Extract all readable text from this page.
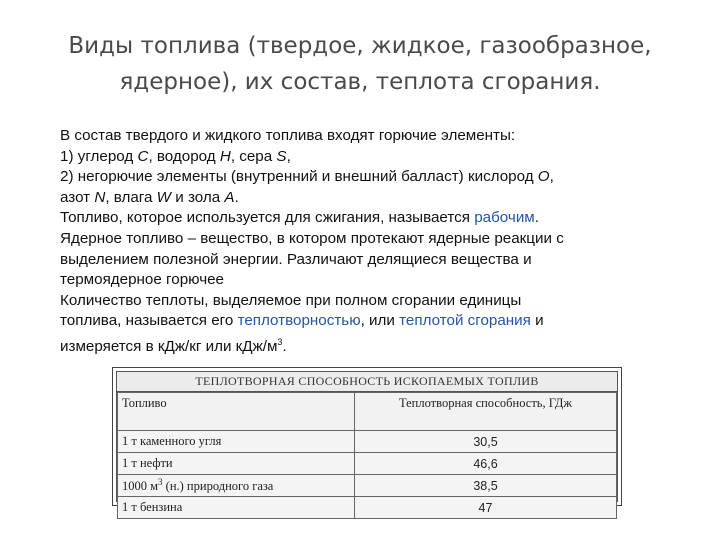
Виды топлива (твердое, жидкое, газообразное,
ядерное), их состав, теплота сгорания.
В состав твердого и жидкого топлива входят горючие элементы:
1) углерод С, водород H, сера S,
2) негорючие элементы (внутренний и внешний балласт) кислород O,
азот N, влага W и зола А.
Топливо, которое используется для сжигания, называется рабочим.
Ядерное топливо – вещество, в котором протекают ядерные реакции с
выделением полезной энергии. Различают делящиеся вещества и
термоядерное горючее
Количество теплоты, выделяемое при полном сгорании единицы
топлива, называется его теплотворностью, или теплотой сгорания и
измеряется в кДж/кг или кДж/$м^3$.
ТЕПЛОТВОРНАЯ СПОСОБНОСТЬ ИСКОПАЕМЫХ ТОПЛИВ
Топливо	Теплотворная способность, ГДж
1 т каменного угля	30,5
1 т нефти	46,6
1000 $м^3$ (н.) природного газа	38,5
1 т бензина	47
